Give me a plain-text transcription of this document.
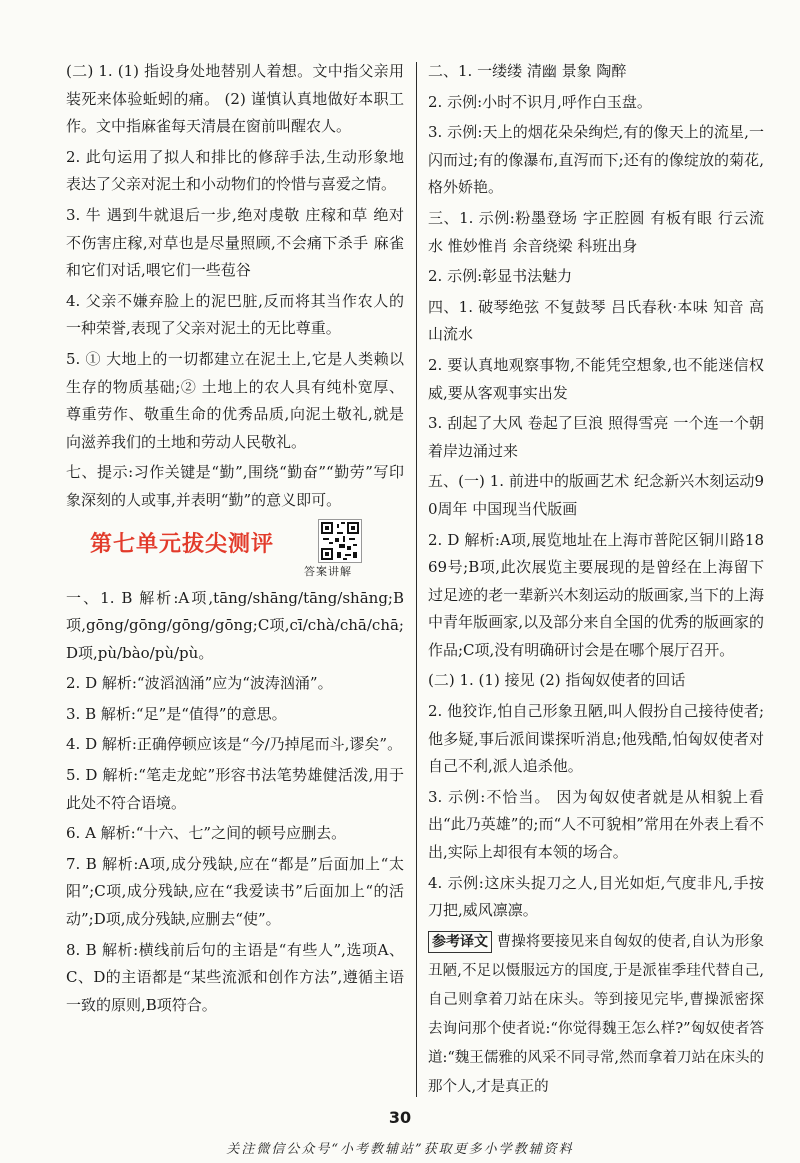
(二) 1. (1) 指设身处地替别人着想。文中指父亲用装死来体验蚯蚓的痛。 (2) 谨慎认真地做好本职工作。文中指麻雀每天清晨在窗前叫醒农人。

2. 此句运用了拟人和排比的修辞手法,生动形象地表达了父亲对泥土和小动物们的怜惜与喜爱之情。

3. 牛 遇到牛就退后一步,绝对虔敬 庄稼和草 绝对不伤害庄稼,对草也是尽量照顾,不会痛下杀手 麻雀 和它们对话,喂它们一些苞谷

4. 父亲不嫌弃脸上的泥巴脏,反而将其当作农人的一种荣誉,表现了父亲对泥土的无比尊重。

5. ① 大地上的一切都建立在泥土上,它是人类赖以生存的物质基础;② 土地上的农人具有纯朴宽厚、尊重劳作、敬重生命的优秀品质,向泥土敬礼,就是向滋养我们的土地和劳动人民敬礼。

七、提示:习作关键是“勤”,围绕“勤奋”“勤劳”写印象深刻的人或事,并表明“勤”的意义即可。

第七单元拔尖测评
答案讲解

一、1. B 解析:A项,tāng/shāng/tāng/shāng;B项,gōng/gōng/gōng/gōng;C项,cī/chà/chā/chā;D项,pù/bào/pù/pù。

2. D 解析:“波滔汹涌”应为“波涛汹涌”。

3. B 解析:“足”是“值得”的意思。

4. D 解析:正确停顿应该是“今/乃掉尾而斗,谬矣”。

5. D 解析:“笔走龙蛇”形容书法笔势雄健活泼,用于此处不符合语境。

6. A 解析:“十六、七”之间的顿号应删去。

7. B 解析:A项,成分残缺,应在“都是”后面加上“太阳”;C项,成分残缺,应在“我爱读书”后面加上“的活动”;D项,成分残缺,应删去“使”。

8. B 解析:横线前后句的主语是“有些人”,选项A、C、D的主语都是“某些流派和创作方法”,遵循主语一致的原则,B项符合。

二、1. 一缕缕 清幽 景象 陶醉

2. 示例:小时不识月,呼作白玉盘。

3. 示例:天上的烟花朵朵绚烂,有的像天上的流星,一闪而过;有的像瀑布,直泻而下;还有的像绽放的菊花,格外娇艳。

三、1. 示例:粉墨登场 字正腔圆 有板有眼 行云流水 惟妙惟肖 余音绕梁 科班出身

2. 示例:彰显书法魅力

四、1. 破琴绝弦 不复鼓琴 吕氏春秋·本味 知音 高山流水

2. 要认真地观察事物,不能凭空想象,也不能迷信权威,要从客观事实出发

3. 刮起了大风 卷起了巨浪 照得雪亮 一个连一个朝着岸边涌过来

五、(一) 1. 前进中的版画艺术 纪念新兴木刻运动90周年 中国现当代版画

2. D 解析:A项,展览地址在上海市普陀区铜川路1869号;B项,此次展览主要展现的是曾经在上海留下过足迹的老一辈新兴木刻运动的版画家,当下的上海中青年版画家,以及部分来自全国的优秀的版画家的作品;C项,没有明确研讨会是在哪个展厅召开。

(二) 1. (1) 接见 (2) 指匈奴使者的回话

2. 他狡诈,怕自己形象丑陋,叫人假扮自己接待使者;他多疑,事后派间谍探听消息;他残酷,怕匈奴使者对自己不利,派人追杀他。

3. 示例:不恰当。 因为匈奴使者就是从相貌上看出“此乃英雄”的;而“人不可貌相”常用在外表上看不出,实际上却很有本领的场合。

4. 示例:这床头捉刀之人,目光如炬,气度非凡,手按刀把,威风凛凛。

参考译文 曹操将要接见来自匈奴的使者,自认为形象丑陋,不足以慑服远方的国度,于是派崔季珪代替自己,自己则拿着刀站在床头。等到接见完毕,曹操派密探去询问那个使者说:“你觉得魏王怎么样?”匈奴使者答道:“魏王儒雅的风采不同寻常,然而拿着刀站在床头的那个人,才是真正的

30
关注微信公众号“小考教辅站”获取更多小学教辅资料
